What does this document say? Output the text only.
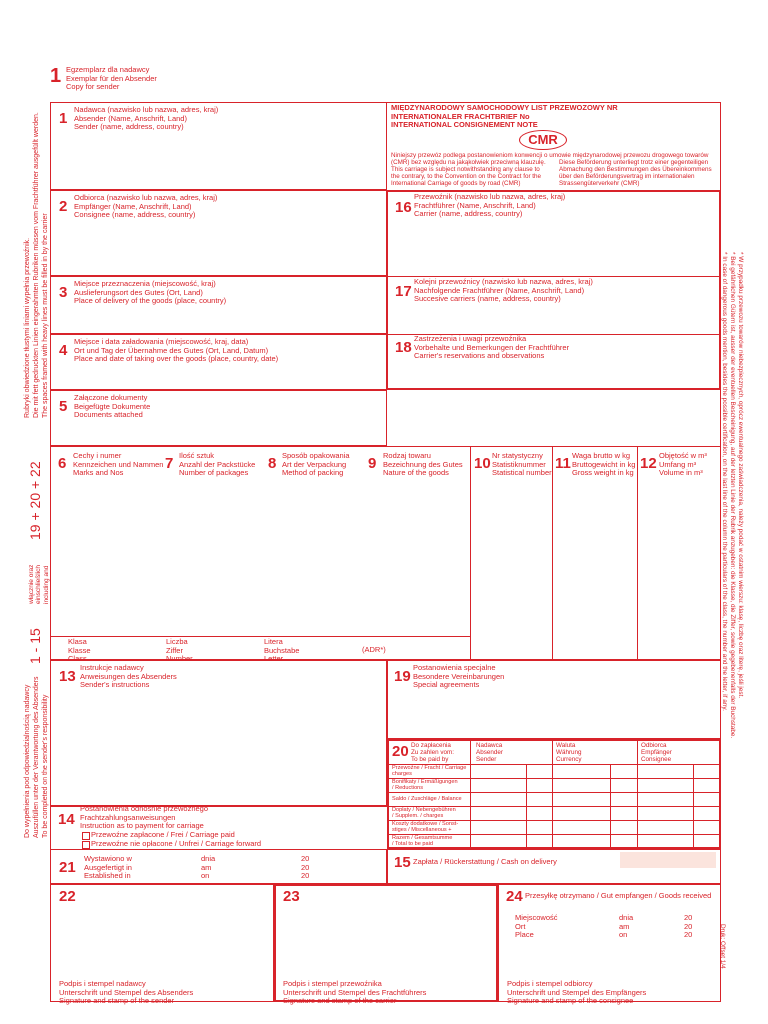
1 Egzemplarz dla nadawcy
Exemplar für den Absender
Copy for sender
Rubryki obwiedzione tłustymi liniami wypełnia przewoźnik. Die mit fett gedruckten Linien eingerahmten Rubriken müssen vom Frachtführer ausgefüllt werden. The spaces framed with heavy lines must be filled in by the carrier
19 + 20 + 22
włącznie oraz
einschließlich
including and
1 - 15
Do wypełnienia pod odpowiedzialnością nadawcy Auszufüllen unter der Verantwortung des Absenders To be completed on the sender's responsibility
* W przypadku przewozu towarów niebezpiecznych, oprócz ewentualnego zaświadczenia, należy podać w ostatnim wierszu: klasę, liczbę oraz literę, jeśli jest.
* Bei gefährlichen Gütern ist, ausser der eventuellen Bescheinigung, auf der letzten Linie der Rubrik anzugeben: die Klasse, die Ziffer, sowie gegebenenfalls der Buchstabe.
* In case of dangerous goods mention, besides the possible certification, on the last line of the column the particulars of the class, the number and the letter, if any.
Druk: Offset 1/4
1
Nadawca (nazwisko lub nazwa, adres, kraj)
Absender (Name, Anschrift, Land)
Sender (name, address, country)
MIĘDZYNARODOWY SAMOCHODOWY LIST PRZEWOZOWY NR
INTERNATIONALER FRACHTBRIEF No
INTERNATIONAL CONSIGNEMENT NOTE
CMR
Niniejszy przewóz podlega postanowieniom konwencji o umowie międzynarodowej przewozu drogowego towarów
(CMR) bez względu na jakąkolwiek przeciwną klauzulę.
This carriage is subject notwithstanding any clause to
the contrary, to the Convention on the Contract for the
International Carriage of goods by road (CMR)
Diese Beförderung unterliegt trotz einer gegenteiligen
Abmachung den Bestimmungen des Übereinkommens
über den Beförderungsvertrag im internationalen
Strassengüterverkehr (CMR)
2
Odbiorca (nazwisko lub nazwa, adres, kraj)
Empfänger (Name, Anschrift, Land)
Consignee (name, address, country)
3
Miejsce przeznaczenia (miejscowość, kraj)
Auslieferungsort des Gutes (Ort, Land)
Place of delivery of the goods (place, country)
4
Miejsce i data załadowania (miejscowość, kraj, data)
Ort und Tag der Übernahme des Gutes (Ort, Land, Datum)
Place and date of taking over the goods (place, country, date)
5
Załączone dokumenty
Beigefügte Dokumente
Documents attached
16
Przewoźnik (nazwisko lub nazwa, adres, kraj)
Frachtführer (Name, Anschrift, Land)
Carrier (name, address, country)
17
Kolejni przewoźnicy (nazwisko lub nazwa, adres, kraj)
Nachfolgende Frachtführer (Name, Anschrift, Land)
Succesive carriers (name, address, country)
18
Zastrzeżenia i uwagi przewoźnika
Vorbehalte und Bemerkungen der Frachtführer
Carrier's reservations and observations
6 Cechy i numer
Kennzeichen und Nammen
Marks and Nos
7 Ilość sztuk
Anzahl der Packstücke
Number of packages
8 Sposób opakowania
Art der Verpackung
Method of packing
9 Rodzaj towaru
Bezeichnung des Gutes
Nature of the goods
10 Nr statystyczny
Statistiknummer
Statistical number
11 Waga brutto w kg
Bruttogewicht in kg
Gross weight in kg
12 Objętość w m³
Umfang m³
Volume in m³
Klasa
Klasse
Class
Liczba
Ziffer
Number
Litera
Buchstabe
Letter
(ADR*)
13
Instrukcje nadawcy
Anweisungen des Absenders
Sender's instructions	19
Postanowienia specjalne
Besondere Vereinbarungen
Special agreements
20 Do zapłacenia
Zu zahlen vom:
To be paid by
Nadawca
Absender
Sender
Waluta
Währung
Currency
Odbiorca
Empfänger
Consignee
Przewoźne / Fracht / Carriage
charges
Bonifikaty / Ermäßigungen
/ Reductions
Saldo / Zuschläge / Balance
Dopłaty / Nebengebühren
/ Supplem. / charges
Koszty dodatkowe / Sonst-
stiges / Miscellaneous +
Razem / Gesamtsumme
/ Total to be paid
14
Postanowienia odnośnie przewoźnego
Frachtzahlungsanweisungen
Instruction as to payment for carriage
Przewoźne zapłacone / Frei / Carriage paid
Przewoźne nie opłacone / Unfrei / Carriage forward
21
Wystawiono w
Ausgefertigt in
Established in
dnia
am
on
20
20
20
15 Zapłata / Rückerstattung / Cash on delivery
22
Podpis i stempel nadawcy
Unterschrift und Stempel des Absenders
Signature and stamp of the sender
23
Podpis i stempel przewoźnika
Unterschrift und Stempel des Frachtführers
Signature and stamp of the carrier
24 Przesyłkę otrzymano / Gut empfangen / Goods received
Miejscowość
Ort
Place
dnia
am
on
20
20
20
Podpis i stempel odbiorcy
Unterschrift und Stempel des Empfängers
Signature and stamp of the consignee
